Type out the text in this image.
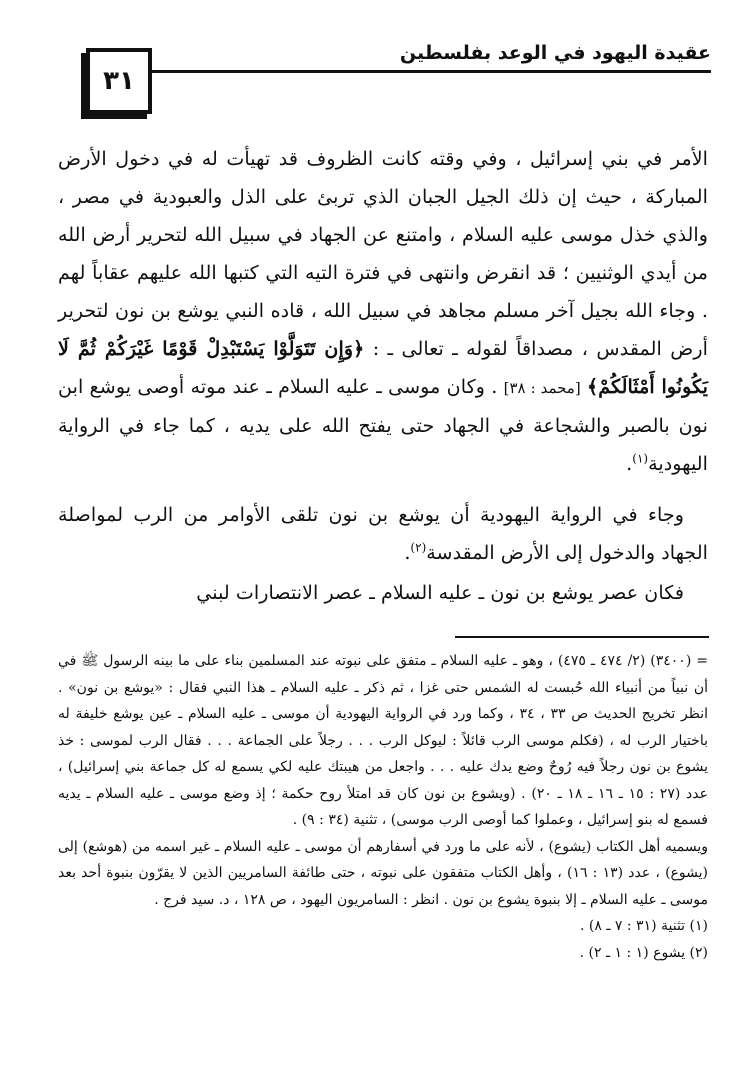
عقيدة اليهود في الوعد بفلسطين
٣١

الأمر في بني إسرائيل ، وفي وقته كانت الظروف قد تهيأت له في دخول الأرض المباركة ، حيث إن ذلك الجيل الجبان الذي تربئ على الذل والعبودية في مصر ، والذي خذل موسى عليه السلام ، وامتنع عن الجهاد في سبيل الله لتحرير أرض الله من أيدي الوثنيين ؛ قد انقرض وانتهى في فترة التيه التي كتبها الله عليهم عقاباً لهم . وجاء الله بجيل آخر مسلم مجاهد في سبيل الله ، قاده النبي يوشع بن نون لتحرير أرض المقدس ، مصداقاً لقوله ـ تعالى ـ : ﴿وَإِن تَتَوَلَّوْا يَسْتَبْدِلْ قَوْمًا غَيْرَكُمْ ثُمَّ لَا يَكُونُوا أَمْثَالَكُمْ﴾ [محمد : ٣٨] . وكان موسى ـ عليه السلام ـ عند موته أوصى يوشع ابن نون بالصبر والشجاعة في الجهاد حتى يفتح الله على يديه ، كما جاء في الرواية اليهودية$^{(١)}$.

وجاء في الرواية اليهودية أن يوشع بن نون تلقى الأوامر من الرب لمواصلة الجهاد والدخول إلى الأرض المقدسة$^{(٢)}$.

فكان عصر يوشع بن نون ـ عليه السلام ـ عصر الانتصارات لبني

= (٣٤٠٠) (٢/ ٤٧٤ ـ ٤٧٥) ، وهو ـ عليه السلام ـ متفق على نبوته عند المسلمين بناء على ما بينه الرسول ﷺ في أن نبياً من أنبياء الله حُبست له الشمس حتى غزا ، ثم ذكر ـ عليه السلام ـ هذا النبي فقال : «يوشع بن نون» . انظر تخريج الحديث ص ٣٣ ، ٣٤ ، وكما ورد في الرواية اليهودية أن موسى ـ عليه السلام ـ عين يوشع خليفة له باختيار الرب له ، (فكلم موسى الرب قائلاً : ليوكل الرب . . . رجلاً على الجماعة . . . فقال الرب لموسى : خذ يشوع بن نون رجلاً فيه رُوحٌ وضع يدك عليه . . . واجعل من هيبتك عليه لكي يسمع له كل جماعة بني إسرائيل) ، عدد (٢٧ : ١٥ ـ ١٦ ـ ١٨ ـ ٢٠) . (ويشوع بن نون كان قد امتلأ روح حكمة ؛ إذ وضع موسى ـ عليه السلام ـ يديه فسمع له بنو إسرائيل ، وعملوا كما أوصى الرب موسى) ، تثنية (٣٤ : ٩) .

ويسميه أهل الكتاب (يشوع) ، لأنه على ما ورد في أسفارهم أن موسى ـ عليه السلام ـ غير اسمه من (هوشع) إلى (يشوع) ، عدد (١٣ : ١٦) ، وأهل الكتاب متفقون على نبوته ، حتى طائفة السامريين الذين لا يقرّون بنبوة أحد بعد موسى ـ عليه السلام ـ إلا بنبوة يشوع بن نون . انظر : السامريون اليهود ، ص ١٢٨ ، د. سيد فرج .

(١) تثنية (٣١ : ٧ ـ ٨) .
(٢) يشوع (١ : ١ ـ ٢) .
